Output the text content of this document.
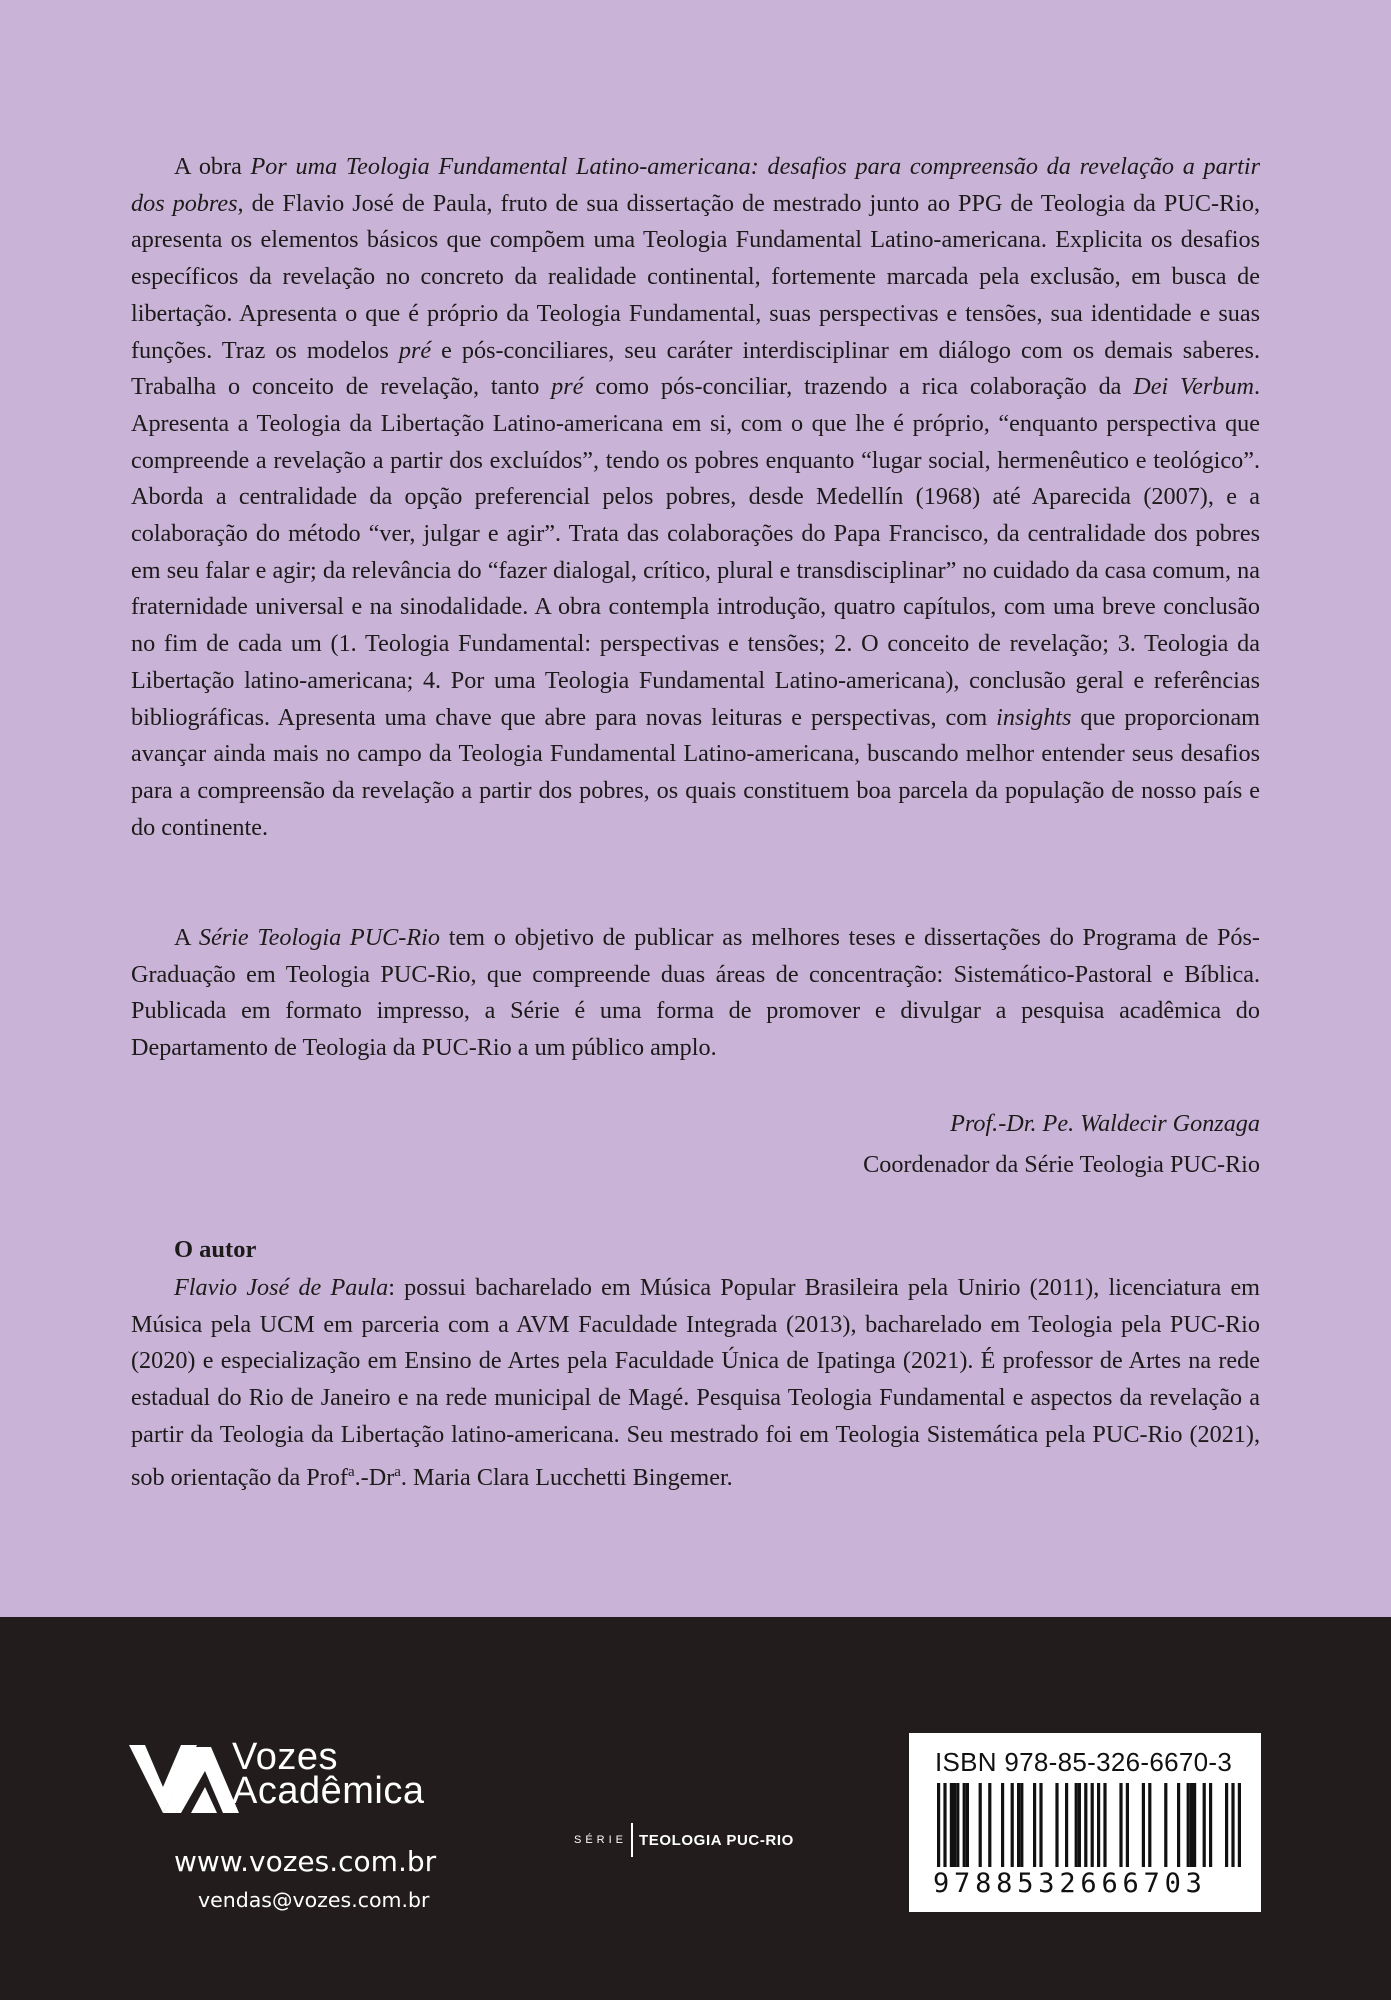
A obra Por uma Teologia Fundamental Latino-americana: desafios para compreensão da revelação a partir dos pobres, de Flavio José de Paula, fruto de sua dissertação de mestrado junto ao PPG de Teologia da PUC-Rio, apresenta os elementos básicos que compõem uma Teologia Fundamental Latino-americana. Explicita os desafios específicos da revelação no concreto da realidade continental, fortemente marcada pela exclusão, em busca de libertação. Apresenta o que é próprio da Teologia Fundamental, suas perspectivas e tensões, sua identidade e suas funções. Traz os modelos pré e pós-conciliares, seu caráter interdisciplinar em diálogo com os demais saberes. Trabalha o conceito de revelação, tanto pré como pós-conciliar, trazendo a rica colaboração da Dei Verbum. Apresenta a Teologia da Libertação Latino-americana em si, com o que lhe é próprio, “enquanto perspectiva que compreende a revelação a partir dos excluídos”, tendo os pobres enquanto “lugar social, hermenêutico e teológico”. Aborda a centralidade da opção preferencial pelos pobres, desde Medellín (1968) até Aparecida (2007), e a colaboração do método “ver, julgar e agir”. Trata das colaborações do Papa Francisco, da centralidade dos pobres em seu falar e agir; da relevância do “fazer dialogal, crítico, plural e transdisciplinar” no cuidado da casa comum, na fraternidade universal e na sinodalidade. A obra contempla introdução, quatro capítulos, com uma breve conclusão no fim de cada um (1. Teologia Fundamental: perspectivas e tensões; 2. O conceito de revelação; 3. Teologia da Libertação latino-americana; 4. Por uma Teologia Fundamental Latino-americana), conclusão geral e referências bibliográficas. Apresenta uma chave que abre para novas leituras e perspectivas, com insights que proporcionam avançar ainda mais no campo da Teologia Fundamental Latino-americana, buscando melhor entender seus desafios para a compreensão da revelação a partir dos pobres, os quais constituem boa parcela da população de nosso país e do continente.

A Série Teologia PUC-Rio tem o objetivo de publicar as melhores teses e dissertações do Programa de Pós-Graduação em Teologia PUC-Rio, que compreende duas áreas de concentração: Sistemático-Pastoral e Bíblica. Publicada em formato impresso, a Série é uma forma de promover e divulgar a pesquisa acadêmica do Departamento de Teologia da PUC-Rio a um público amplo.

Prof.-Dr. Pe. Waldecir Gonzaga
Coordenador da Série Teologia PUC-Rio
O autor

Flavio José de Paula: possui bacharelado em Música Popular Brasileira pela Unirio (2011), licenciatura em Música pela UCM em parceria com a AVM Faculdade Integrada (2013), bacharelado em Teologia pela PUC-Rio (2020) e especialização em Ensino de Artes pela Faculdade Única de Ipatinga (2021). É professor de Artes na rede estadual do Rio de Janeiro e na rede municipal de Magé. Pesquisa Teologia Fundamental e aspectos da revelação a partir da Teologia da Libertação latino-americana. Seu mestrado foi em Teologia Sistemática pela PUC-Rio (2021), sob orientação da Prof$^a$.-Dr$^a$. Maria Clara Lucchetti Bingemer.

Vozes
Acadêmica
www.vozes.com.br
vendas@vozes.com.br
SÉRIE TEOLOGIA PUC-RIO
ISBN 978-85-326-6670-3
9788532666703
